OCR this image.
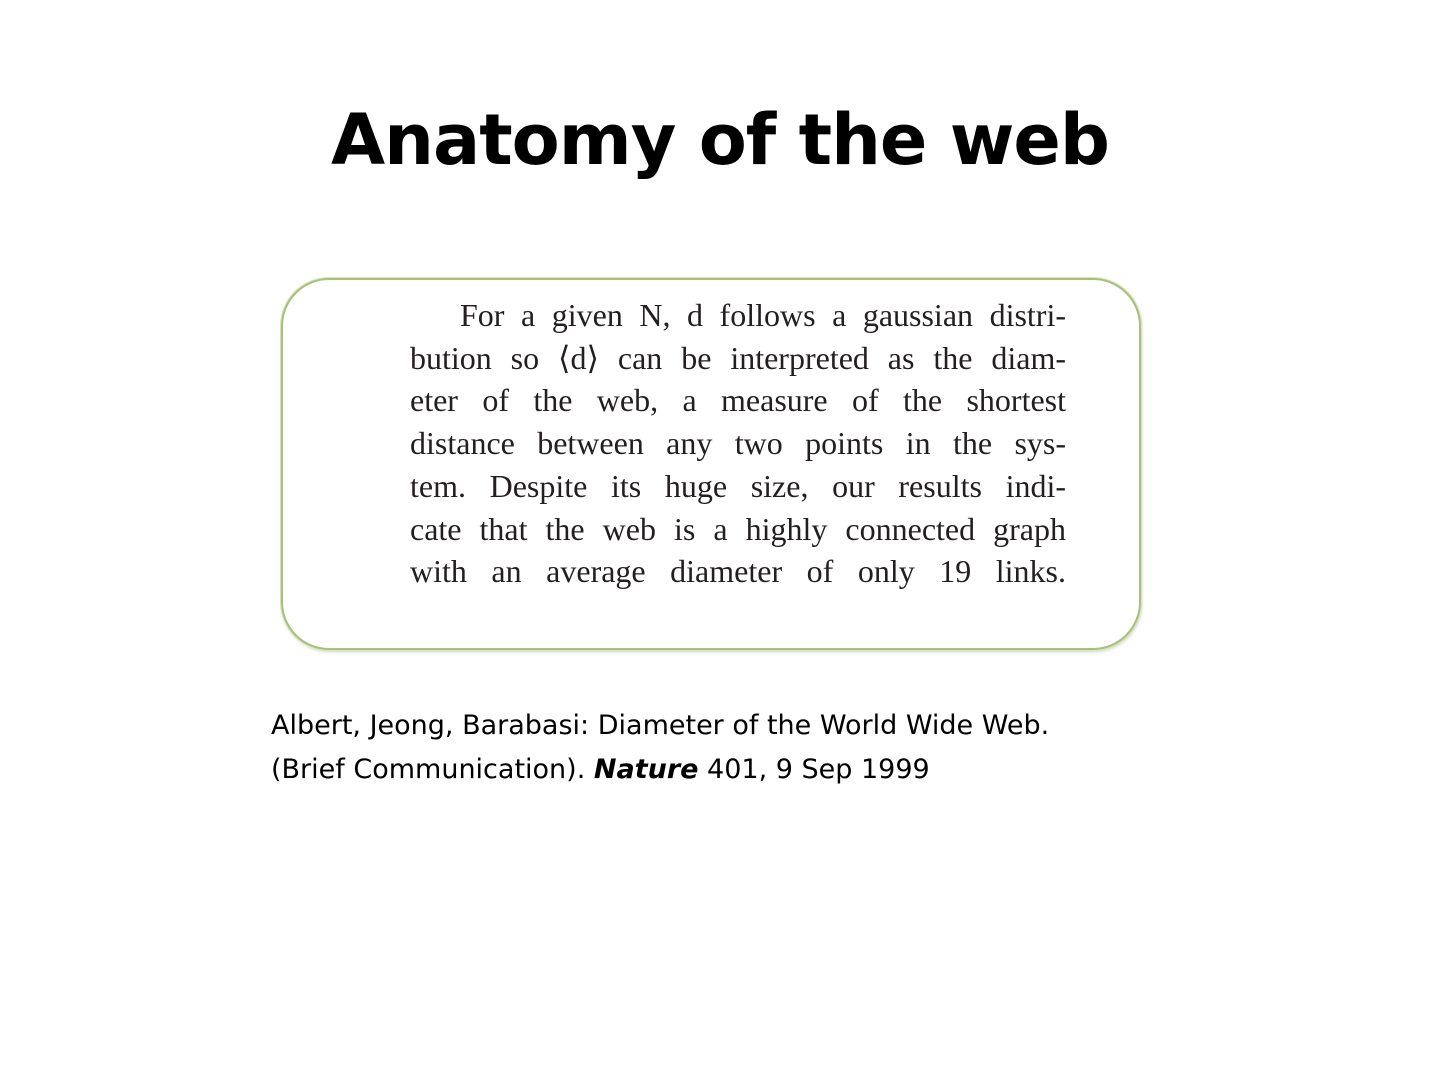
Anatomy of the web

For a given N, d follows a gaussian distri-
bution so ⟨d⟩ can be interpreted as the diam-
eter of the web, a measure of the shortest
distance between any two points in the sys-
tem. Despite its huge size, our results indi-
cate that the web is a highly connected graph
with an average diameter of only 19 links.

Albert, Jeong, Barabasi: Diameter of the World Wide Web.
(Brief Communication). Nature 401, 9 Sep 1999
